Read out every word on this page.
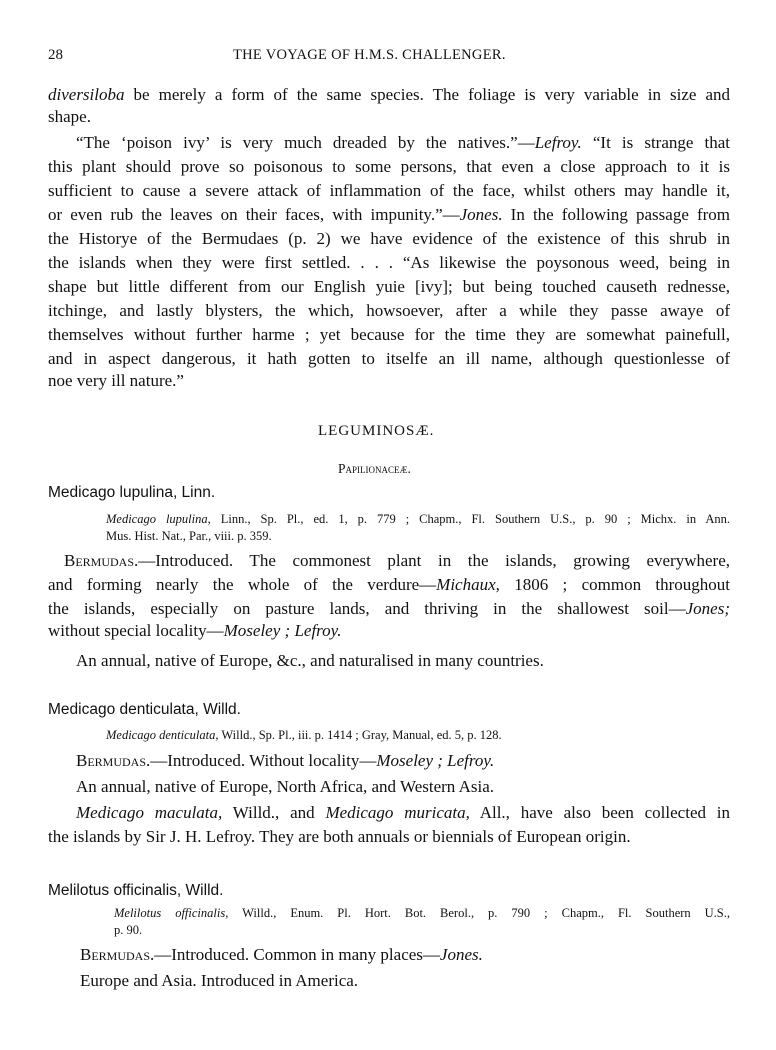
28	THE VOYAGE OF H.M.S. CHALLENGER.
diversiloba be merely a form of the same species. The foliage is very variable in size and
shape.
“The ‘poison ivy’ is very much dreaded by the natives.”—Lefroy. “It is strange that
this plant should prove so poisonous to some persons, that even a close approach to it is
sufficient to cause a severe attack of inflammation of the face, whilst others may handle it,
or even rub the leaves on their faces, with impunity.”—Jones. In the following passage from
the Historye of the Bermudaes (p. 2) we have evidence of the existence of this shrub in
the islands when they were first settled. . . . “As likewise the poysonous weed, being in
shape but little different from our English yuie [ivy]; but being touched causeth rednesse,
itchinge, and lastly blysters, the which, howsoever, after a while they passe awaye of
themselves without further harme ; yet because for the time they are somewhat painefull,
and in aspect dangerous, it hath gotten to itselfe an ill name, although questionlesse of
noe very ill nature.”
LEGUMINOSÆ.
Papilionaceæ.
Medicago lupulina, Linn.
Medicago lupulina, Linn., Sp. Pl., ed. 1, p. 779 ; Chapm., Fl. Southern U.S., p. 90 ; Michx. in Ann.
Mus. Hist. Nat., Par., viii. p. 359.
Bermudas.—Introduced. The commonest plant in the islands, growing everywhere,
and forming nearly the whole of the verdure—Michaux, 1806 ; common throughout
the islands, especially on pasture lands, and thriving in the shallowest soil—Jones;
without special locality—Moseley ; Lefroy.
An annual, native of Europe, &c., and naturalised in many countries.
Medicago denticulata, Willd.
Medicago denticulata, Willd., Sp. Pl., iii. p. 1414 ; Gray, Manual, ed. 5, p. 128.
Bermudas.—Introduced. Without locality—Moseley ; Lefroy.
An annual, native of Europe, North Africa, and Western Asia.
Medicago maculata, Willd., and Medicago muricata, All., have also been collected in
the islands by Sir J. H. Lefroy. They are both annuals or biennials of European origin.
Melilotus officinalis, Willd.
Melilotus officinalis, Willd., Enum. Pl. Hort. Bot. Berol., p. 790 ; Chapm., Fl. Southern U.S.,
p. 90.
Bermudas.—Introduced. Common in many places—Jones.
Europe and Asia. Introduced in America.
